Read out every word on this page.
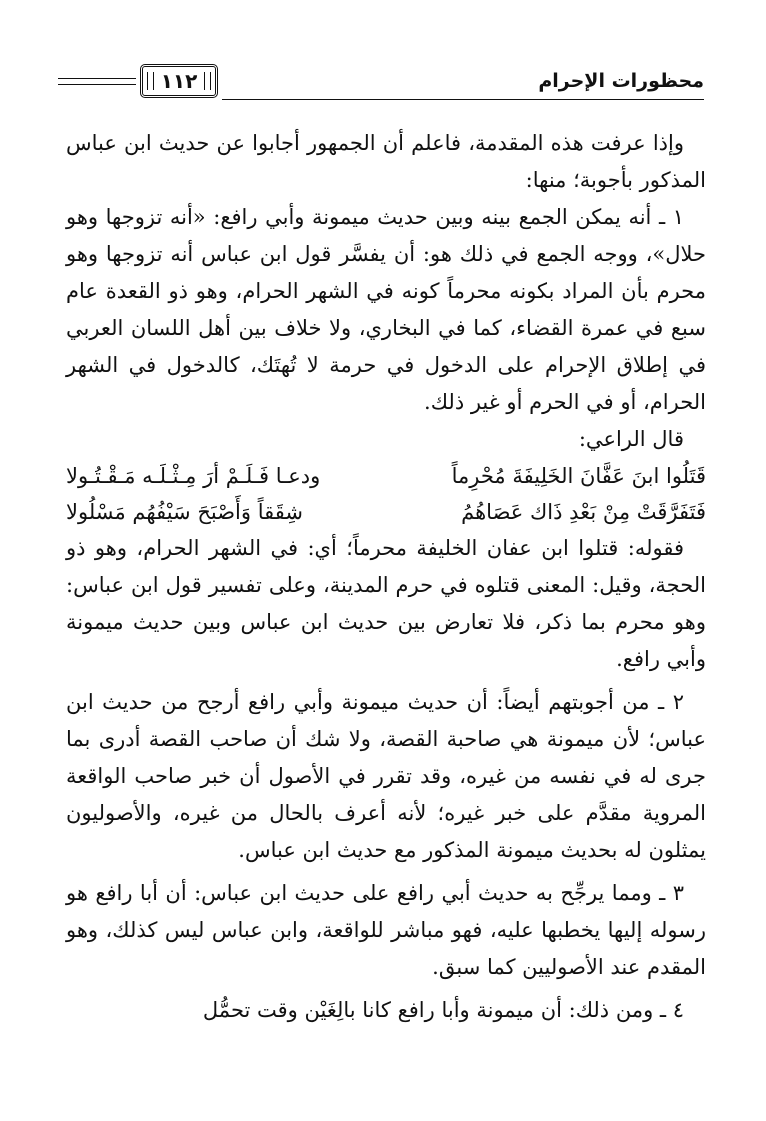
محظورات الإحرام
١١٢

وإذا عرفت هذه المقدمة، فاعلم أن الجمهور أجابوا عن حديث ابن عباس المذكور بأجوبة؛ منها:

١ ـ أنه يمكن الجمع بينه وبين حديث ميمونة وأبي رافع: «أنه تزوجها وهو حلال»، ووجه الجمع في ذلك هو: أن يفسَّر قول ابن عباس أنه تزوجها وهو محرم بأن المراد بكونه محرماً كونه في الشهر الحرام، وهو ذو القعدة عام سبع في عمرة القضاء، كما في البخاري، ولا خلاف بين أهل اللسان العربي في إطلاق الإحرام على الدخول في حرمة لا تُهتَك، كالدخول في الشهر الحرام، أو في الحرم أو غير ذلك.

قال الراعي:

قَتَلُوا ابنَ عَفَّانَ الخَلِيفَةَ مُحْرِماً
ودعـا فَـلَـمْ أرَ مِـثْـلَـه مَـقْـتُـولا
فَتَفَرَّقَتْ مِنْ بَعْدِ ذَاك عَصَاهُمُ
شِقَقاً وَأَصْبَحَ سَيْفُهُم مَسْلُولا

فقوله: قتلوا ابن عفان الخليفة محرماً؛ أي: في الشهر الحرام، وهو ذو الحجة، وقيل: المعنى قتلوه في حرم المدينة، وعلى تفسير قول ابن عباس: وهو محرم بما ذكر، فلا تعارض بين حديث ابن عباس وبين حديث ميمونة وأبي رافع.

٢ ـ من أجوبتهم أيضاً: أن حديث ميمونة وأبي رافع أرجح من حديث ابن عباس؛ لأن ميمونة هي صاحبة القصة، ولا شك أن صاحب القصة أدرى بما جرى له في نفسه من غيره، وقد تقرر في الأصول أن خبر صاحب الواقعة المروية مقدَّم على خبر غيره؛ لأنه أعرف بالحال من غيره، والأصوليون يمثلون له بحديث ميمونة المذكور مع حديث ابن عباس.

٣ ـ ومما يرجِّح به حديث أبي رافع على حديث ابن عباس: أن أبا رافع هو رسوله إليها يخطبها عليه، فهو مباشر للواقعة، وابن عباس ليس كذلك، وهو المقدم عند الأصوليين كما سبق.

٤ ـ ومن ذلك: أن ميمونة وأبا رافع كانا بالِغَيْن وقت تحمُّل
